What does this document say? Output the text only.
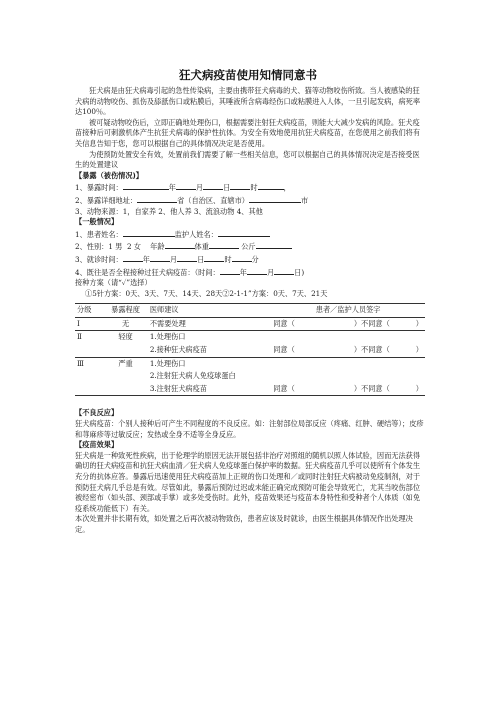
狂犬病疫苗使用知情同意书

狂犬病是由狂犬病毒引起的急性传染病，主要由携带狂犬病毒的犬、猫等动物咬伤所致。当人被感染的狂犬病的动物咬伤、抓伤及舔舐伤口或粘膜后，其唾液所含病毒经伤口或粘膜进入人体，一旦引起发病，病死率达100％。

被可疑动物咬伤后，立即正确地处理伤口，根据需要注射狂犬病疫苗，则能大大减少发病的风险。狂犬疫苗接种后可刺激机体产生抗狂犬病毒的保护性抗体。为安全有效地使用抗狂犬病疫苗，在您使用之前我们将有关信息告知于您，您可以根据自己的具体情况决定是否使用。

为使预防处置安全有效，处置前我们需要了解一些相关信息，您可以根据自己的具体情况决定是否接受医生的处置建议

【暴露（被伤情况)】

1、暴露时间：	年	月	日	时	，

2、暴露详细地址：	省（自治区、直辖市）	市

3、动物来源：1，自家养 2、他人养 3、流浪动物 4、其他

【一般情况】

1、患者姓名：	监护人姓名：

2、性别：1 男 2 女 年龄	体重	公斤

3、就诊时间：	年	月	日	时	分

4、既往是否全程接种过狂犬病疫苗：（时间：	年	月	日)

接种方案（请“✓”选择）

①5针方案：0天、3天、7天、14天、28天②2-1-1”方案：0天、7天、21天

分级	暴露程度	医师建议	患者／监护人员签字	
Ⅰ	无	不需要处理	同意（	）不同意（ ）
Ⅱ	轻度	1.处理伤口		
		2.接种狂犬病疫苗	同意（	）不同意（ ）
Ⅲ	严重	1.处理伤口		
		2.注射狂犬病人免疫球蛋白		
		3.注射狂犬病疫苗	同意（	）不同意（ ）

【不良反应】

狂犬病疫苗：个别人接种后可产生不同程度的不良反应。如：注射部位局部反应（疼痛、红肿、硬结等）；皮疹和荨麻疹等过敏反应；发热或全身不适等全身反应。

【疫苗效果】

狂犬病是一种致死性疾病，出于伦理学的原因无法开展包括非治疗对照组的随机以照人体试验，因而无法获得确切的狂犬病疫苗和抗狂犬病血清／狂犬病人免疫球蛋白保护率的数据。狂犬病疫苗几乎可以使所有个体发生充分的抗体应答。暴露后迅速使用狂犬病疫苗加上正规的伤口处理和／或同时注射狂犬病被动免疫制剂，对于预防狂犬病几乎总是有效。尽管如此，暴露后预防过迟或未能正确完成预防可能会导致死亡，尤其当咬伤部位被经密布（如头部、颈部或手掌）或多处受伤时。此外，疫苗效果还与疫苗本身特性和受种者个人体质（如免疫系统功能低下）有关。

本次处置并非长期有效，如处置之后再次被动物致伤，患者应该及时就诊，由医生根据具体情况作出处理决定。
